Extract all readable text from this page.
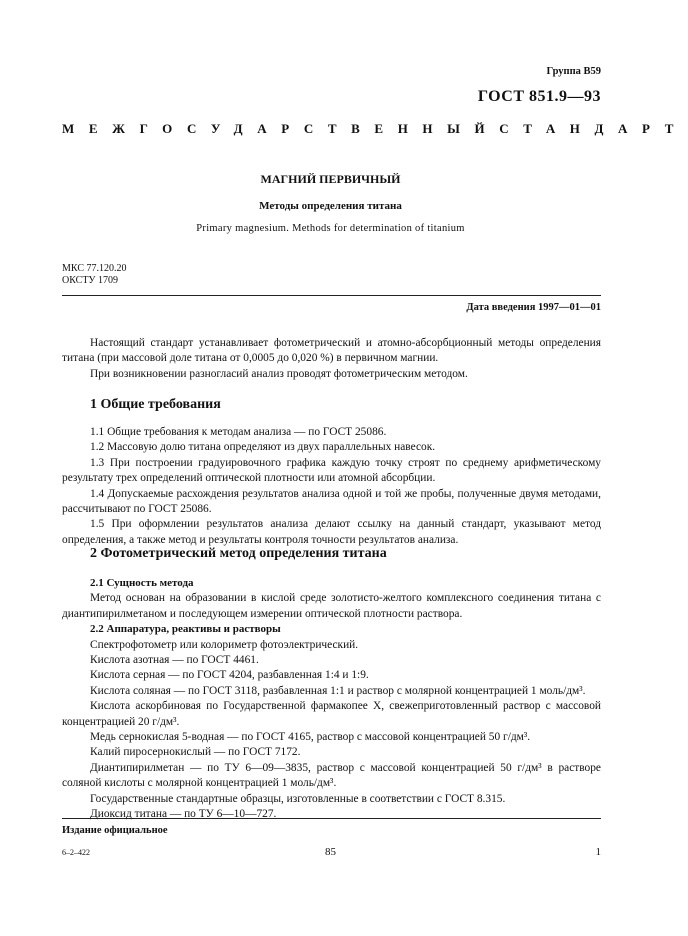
Группа В59
ГОСТ 851.9—93
МЕЖГОСУДАРСТВЕННЫЙ СТАНДАРТ
МАГНИЙ ПЕРВИЧНЫЙ
Методы определения титана
Primary magnesium. Methods for determination of titanium
МКС 77.120.20
ОКСТУ 1709
Дата введения 1997—01—01

Настоящий стандарт устанавливает фотометрический и атомно-абсорбционный методы определения титана (при массовой доле титана от 0,0005 до 0,020 %) в первичном магнии.

При возникновении разногласий анализ проводят фотометрическим методом.

1 Общие требования

1.1 Общие требования к методам анализа — по ГОСТ 25086.

1.2 Массовую долю титана определяют из двух параллельных навесок.

1.3 При построении градуировочного графика каждую точку строят по среднему арифметическому результату трех определений оптической плотности или атомной абсорбции.

1.4 Допускаемые расхождения результатов анализа одной и той же пробы, полученные двумя методами, рассчитывают по ГОСТ 25086.

1.5 При оформлении результатов анализа делают ссылку на данный стандарт, указывают метод определения, а также метод и результаты контроля точности результатов анализа.

2 Фотометрический метод определения титана

2.1 Сущность метода

Метод основан на образовании в кислой среде золотисто-желтого комплексного соединения титана с диантипирилметаном и последующем измерении оптической плотности раствора.

2.2 Аппаратура, реактивы и растворы

Спектрофотометр или колориметр фотоэлектрический.

Кислота азотная — по ГОСТ 4461.

Кислота серная — по ГОСТ 4204, разбавленная 1:4 и 1:9.

Кислота соляная — по ГОСТ 3118, разбавленная 1:1 и раствор с молярной концентрацией 1 моль/дм³.

Кислота аскорбиновая по Государственной фармакопее X, свежеприготовленный раствор с массовой концентрацией 20 г/дм³.

Медь сернокислая 5-водная — по ГОСТ 4165, раствор с массовой концентрацией 50 г/дм³.

Калий пиросернокислый — по ГОСТ 7172.

Диантипирилметан — по ТУ 6—09—3835, раствор с массовой концентрацией 50 г/дм³ в растворе соляной кислоты с молярной концентрацией 1 моль/дм³.

Государственные стандартные образцы, изготовленные в соответствии с ГОСТ 8.315.

Диоксид титана — по ТУ 6—10—727.

Издание официальное
6–2–422	85	1
